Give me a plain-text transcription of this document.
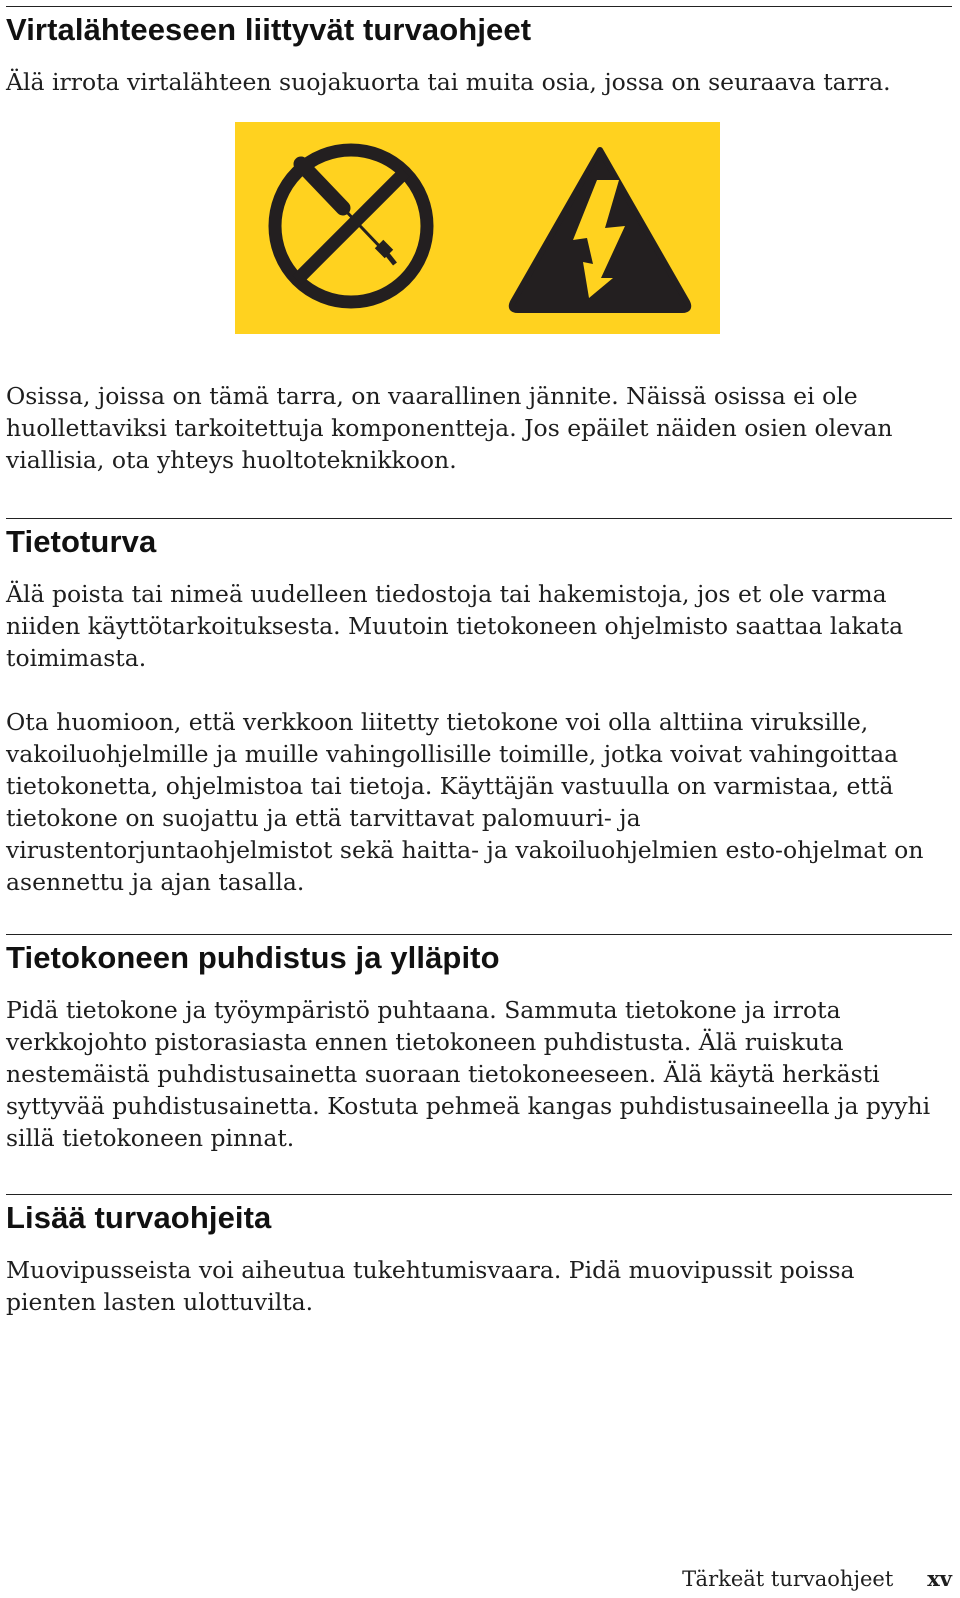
Virtalähteeseen liittyvät turvaohjeet

Älä irrota virtalähteen suojakuorta tai muita osia, jossa on seuraava tarra.

Osissa, joissa on tämä tarra, on vaarallinen jännite. Näissä osissa ei ole huollettaviksi tarkoitettuja komponentteja. Jos epäilet näiden osien olevan viallisia, ota yhteys huoltoteknikkoon.

Tietoturva

Älä poista tai nimeä uudelleen tiedostoja tai hakemistoja, jos et ole varma niiden käyttötarkoituksesta. Muutoin tietokoneen ohjelmisto saattaa lakata toimimasta.

Ota huomioon, että verkkoon liitetty tietokone voi olla alttiina viruksille, vakoiluohjelmille ja muille vahingollisille toimille, jotka voivat vahingoittaa tietokonetta, ohjelmistoa tai tietoja. Käyttäjän vastuulla on varmistaa, että tietokone on suojattu ja että tarvittavat palomuuri- ja virustentorjuntaohjelmistot sekä haitta- ja vakoiluohjelmien esto-ohjelmat on asennettu ja ajan tasalla.

Tietokoneen puhdistus ja ylläpito

Pidä tietokone ja työympäristö puhtaana. Sammuta tietokone ja irrota verkkojohto pistorasiasta ennen tietokoneen puhdistusta. Älä ruiskuta nestemäistä puhdistusainetta suoraan tietokoneeseen. Älä käytä herkästi syttyvää puhdistusainetta. Kostuta pehmeä kangas puhdistusaineella ja pyyhi sillä tietokoneen pinnat.

Lisää turvaohjeita

Muovipusseista voi aiheutua tukehtumisvaara. Pidä muovipussit poissa pienten lasten ulottuvilta.

Tärkeät turvaohjeet xv
